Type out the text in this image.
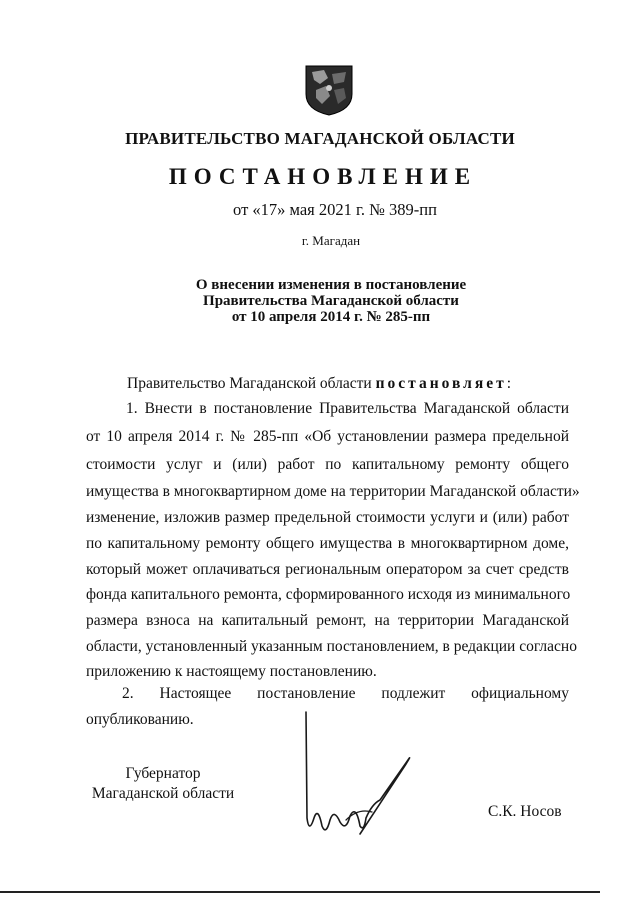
ПРАВИТЕЛЬСТВО МАГАДАНСКОЙ ОБЛАСТИ
ПОСТАНОВЛЕНИЕ
от «17» мая 2021 г. № 389-пп
г. Магадан
О внесении изменения в постановление
Правительства Магаданской области
от 10 апреля 2014 г. № 285-пп
Правительство Магаданской области постановляет:
1. Внести в постановление Правительства Магаданской области
от 10 апреля 2014 г. № 285-пп «Об установлении размера предельной
стоимости услуг и (или) работ по капитальному ремонту общего
имущества в многоквартирном доме на территории Магаданской области»
изменение, изложив размер предельной стоимости услуги и (или) работ
по капитальному ремонту общего имущества в многоквартирном доме,
который может оплачиваться региональным оператором за счет средств
фонда капитального ремонта, сформированного исходя из минимального
размера взноса на капитальный ремонт, на территории Магаданской
области, установленный указанным постановлением, в редакции согласно
приложению к настоящему постановлению.
2. Настоящее постановление подлежит официальному
опубликованию.
Губернатор
Магаданской области
С.К. Носов
